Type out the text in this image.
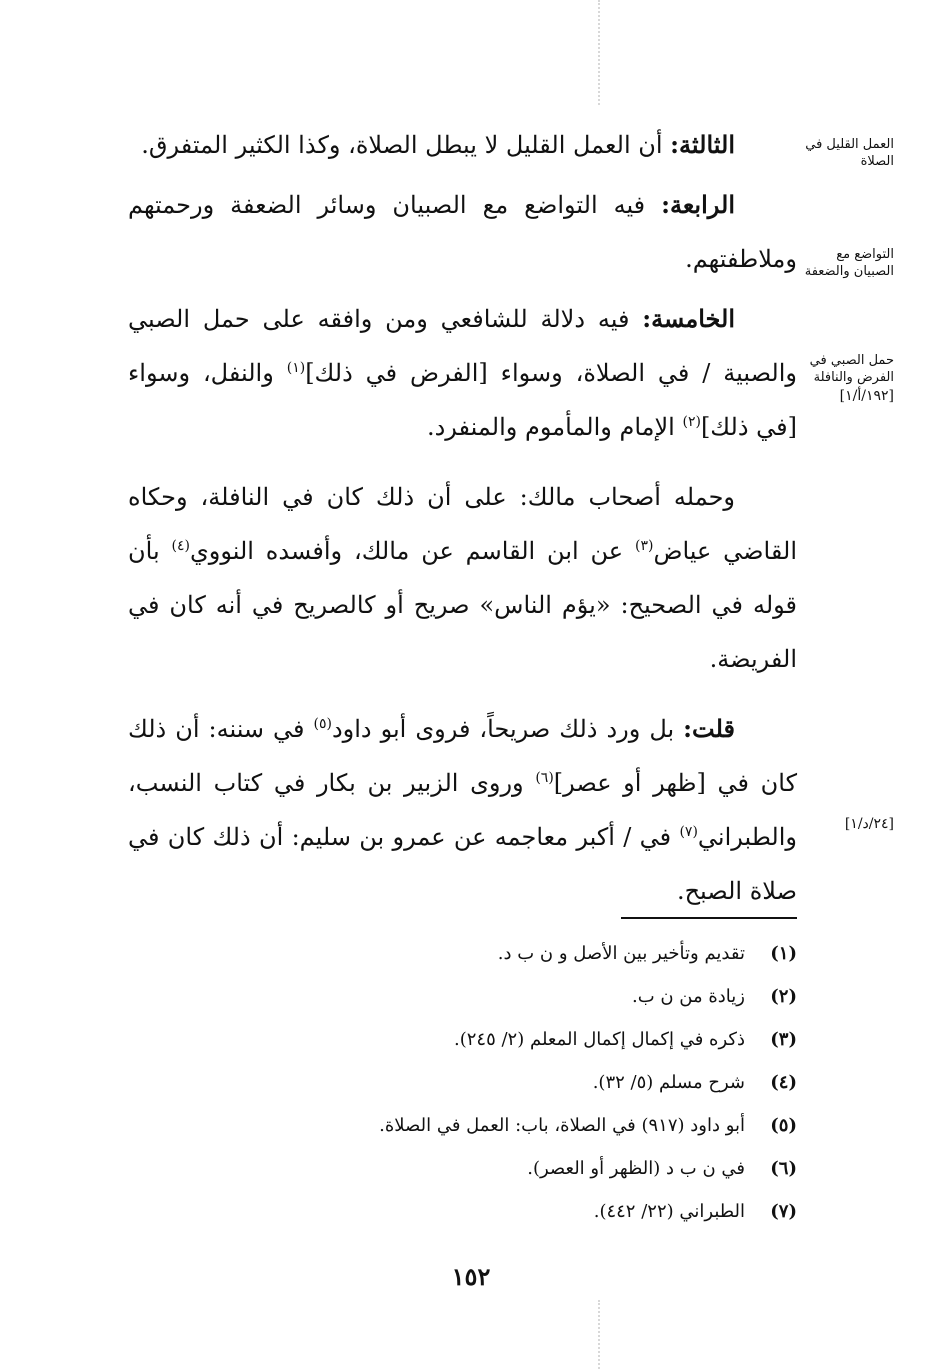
العمل القليل في الصلاة
التواضع مع الصبيان والضعفة
حمل الصبي في الفرض والنافلة
[١٩٢/أ/١]
[٢٤/د/١]

الثالثة: أن العمل القليل لا يبطل الصلاة، وكذا الكثير المتفرق.

الرابعة: فيه التواضع مع الصبيان وسائر الضعفة ورحمتهم وملاطفتهم.

الخامسة: فيه دلالة للشافعي ومن وافقه على حمل الصبي والصبية / في الصلاة، وسواء [الفرض في ذلك]$^{(١)}$ والنفل، وسواء [في ذلك]$^{(٢)}$ الإمام والمأموم والمنفرد.

وحمله أصحاب مالك: على أن ذلك كان في النافلة، وحكاه القاضي عياض$^{(٣)}$ عن ابن القاسم عن مالك، وأفسده النووي$^{(٤)}$ بأن قوله في الصحيح: «يؤم الناس» صريح أو كالصريح في أنه كان في الفريضة.

قلت: بل ورد ذلك صريحاً، فروى أبو داود$^{(٥)}$ في سننه: أن ذلك كان في [ظهر أو عصر]$^{(٦)}$ وروى الزبير بن بكار في كتاب النسب، والطبراني$^{(٧)}$ في / أكبر معاجمه عن عمرو بن سليم: أن ذلك كان في صلاة الصبح.

(١)تقديم وتأخير بين الأصل و ن ب د.
(٢)زيادة من ن ب.
(٣)ذكره في إكمال إكمال المعلم (٢/ ٢٤٥).
(٤)شرح مسلم (٥/ ٣٢).
(٥)أبو داود (٩١٧) في الصلاة، باب: العمل في الصلاة.
(٦)في ن ب د (الظهر أو العصر).
(٧)الطبراني (٢٢/ ٤٤٢).
١٥٢
